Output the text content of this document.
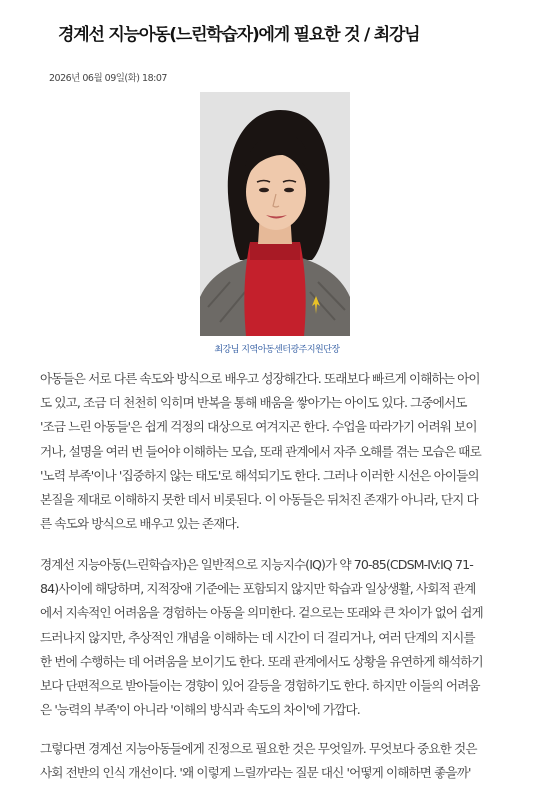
경계선 지능아동(느린학습자)에게 필요한 것 / 최강님
2026년 06월 09일(화) 18:07
최강님 지역아동센터광주지원단장
아동들은 서로 다른 속도와 방식으로 배우고 성장해간다. 또래보다 빠르게 이해하는 아이
도 있고, 조금 더 천천히 익히며 반복을 통해 배움을 쌓아가는 아이도 있다. 그중에서도
'조금 느린 아동들'은 쉽게 걱정의 대상으로 여겨지곤 한다. 수업을 따라가기 어려워 보이
거나, 설명을 여러 번 들어야 이해하는 모습, 또래 관계에서 자주 오해를 겪는 모습은 때로
'노력 부족'이나 '집중하지 않는 태도'로 해석되기도 한다. 그러나 이러한 시선은 아이들의
본질을 제대로 이해하지 못한 데서 비롯된다. 이 아동들은 뒤처진 존재가 아니라, 단지 다
른 속도와 방식으로 배우고 있는 존재다.
경계선 지능아동(느린학습자)은 일반적으로 지능지수(IQ)가 약 70-85(CDSM-IV:IQ 71-
84)사이에 해당하며, 지적장애 기준에는 포함되지 않지만 학습과 일상생활, 사회적 관계
에서 지속적인 어려움을 경험하는 아동을 의미한다. 겉으로는 또래와 큰 차이가 없어 쉽게
드러나지 않지만, 추상적인 개념을 이해하는 데 시간이 더 걸리거나, 여러 단계의 지시를
한 번에 수행하는 데 어려움을 보이기도 한다. 또래 관계에서도 상황을 유연하게 해석하기
보다 단편적으로 받아들이는 경향이 있어 갈등을 경험하기도 한다. 하지만 이들의 어려움
은 '능력의 부족'이 아니라 '이해의 방식과 속도의 차이'에 가깝다.
그렇다면 경계선 지능아동들에게 진정으로 필요한 것은 무엇일까. 무엇보다 중요한 것은
사회 전반의 인식 개선이다. '왜 이렇게 느릴까'라는 질문 대신 '어떻게 이해하면 좋을까'
